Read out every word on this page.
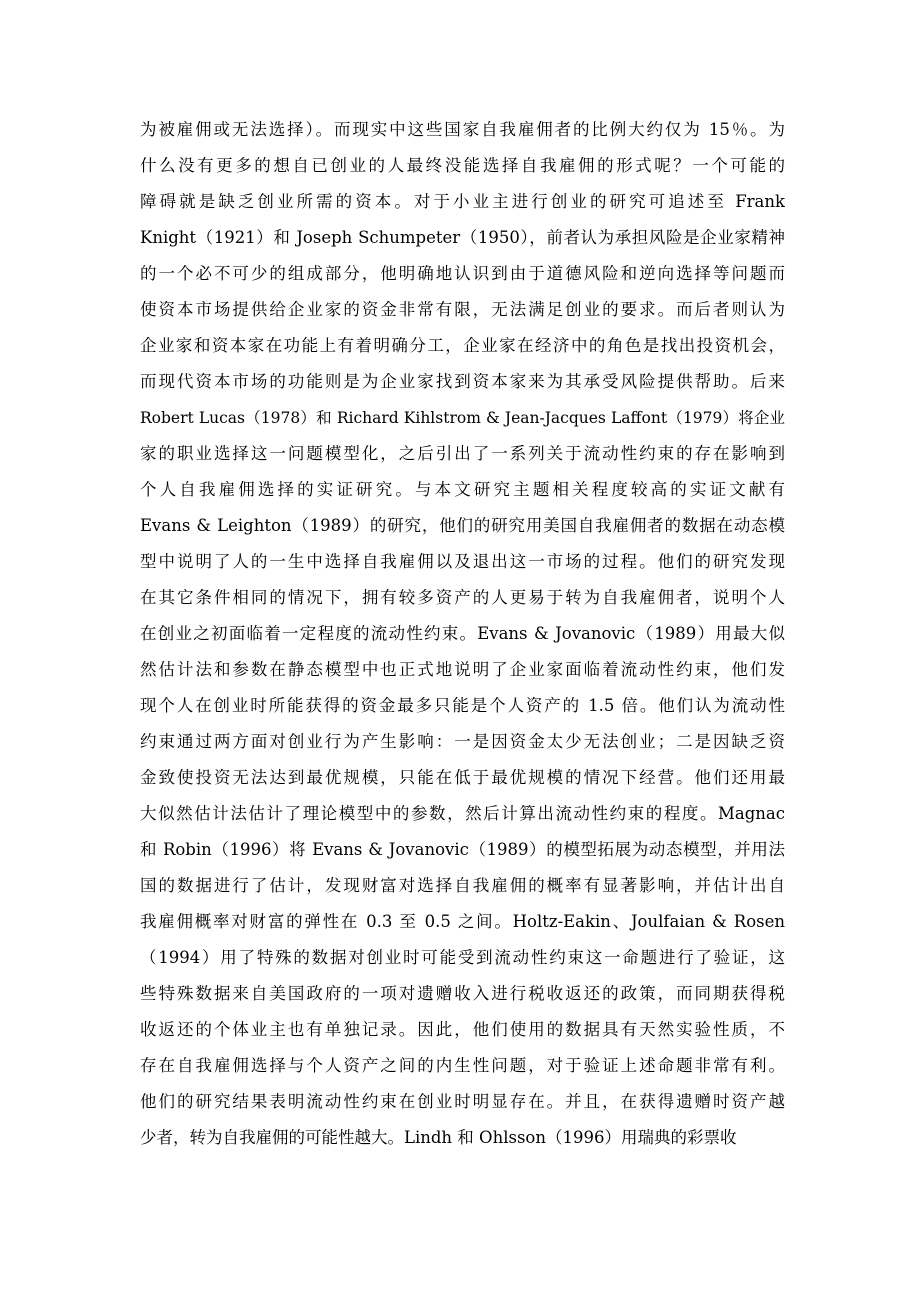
为被雇佣或无法选择）。而现实中这些国家自我雇佣者的比例大约仅为 15％。为
什么没有更多的想自已创业的人最终没能选择自我雇佣的形式呢？一个可能的
障碍就是缺乏创业所需的资本。对于小业主进行创业的研究可追述至 Frank
Knight（1921）和 Joseph Schumpeter（1950），前者认为承担风险是企业家精神
的一个必不可少的组成部分，他明确地认识到由于道德风险和逆向选择等问题而
使资本市场提供给企业家的资金非常有限，无法满足创业的要求。而后者则认为
企业家和资本家在功能上有着明确分工，企业家在经济中的角色是找出投资机会，
而现代资本市场的功能则是为企业家找到资本家来为其承受风险提供帮助。后来
Robert Lucas（1978）和 Richard Kihlstrom & Jean-Jacques Laffont（1979）将企业
家的职业选择这一问题模型化，之后引出了一系列关于流动性约束的存在影响到
个人自我雇佣选择的实证研究。与本文研究主题相关程度较高的实证文献有
Evans & Leighton（1989）的研究，他们的研究用美国自我雇佣者的数据在动态模
型中说明了人的一生中选择自我雇佣以及退出这一市场的过程。他们的研究发现
在其它条件相同的情况下，拥有较多资产的人更易于转为自我雇佣者，说明个人
在创业之初面临着一定程度的流动性约束。Evans & Jovanovic（1989）用最大似
然估计法和参数在静态模型中也正式地说明了企业家面临着流动性约束，他们发
现个人在创业时所能获得的资金最多只能是个人资产的 1.5 倍。他们认为流动性
约束通过两方面对创业行为产生影响：一是因资金太少无法创业；二是因缺乏资
金致使投资无法达到最优规模，只能在低于最优规模的情况下经营。他们还用最
大似然估计法估计了理论模型中的参数，然后计算出流动性约束的程度。Magnac
和 Robin（1996）将 Evans & Jovanovic（1989）的模型拓展为动态模型，并用法
国的数据进行了估计，发现财富对选择自我雇佣的概率有显著影响，并估计出自
我雇佣概率对财富的弹性在 0.3 至 0.5 之间。Holtz-Eakin、Joulfaian & Rosen
（1994）用了特殊的数据对创业时可能受到流动性约束这一命题进行了验证，这
些特殊数据来自美国政府的一项对遗赠收入进行税收返还的政策，而同期获得税
收返还的个体业主也有单独记录。因此，他们使用的数据具有天然实验性质，不
存在自我雇佣选择与个人资产之间的内生性问题，对于验证上述命题非常有利。
他们的研究结果表明流动性约束在创业时明显存在。并且，在获得遗赠时资产越
少者，转为自我雇佣的可能性越大。Lindh 和 Ohlsson（1996）用瑞典的彩票收
